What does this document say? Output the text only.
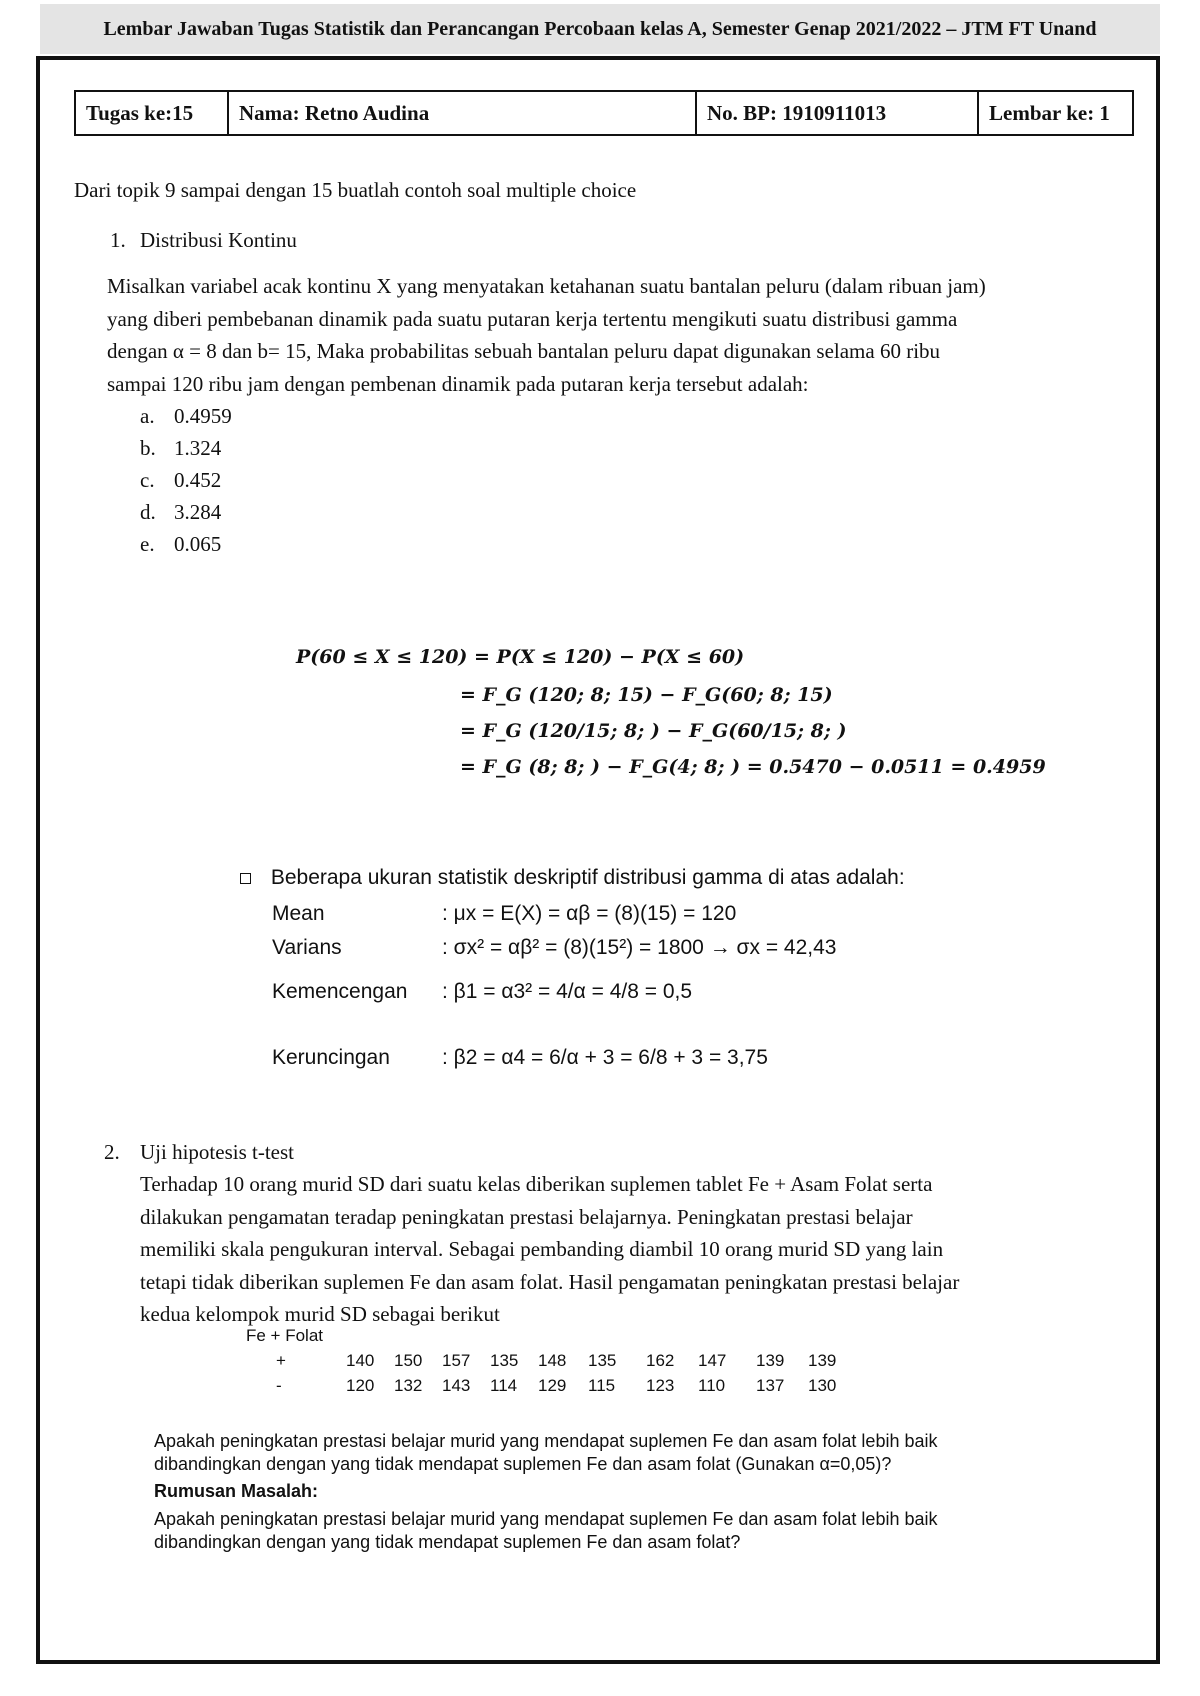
Lembar Jawaban Tugas Statistik dan Perancangan Percobaan kelas A, Semester Genap 2021/2022 – JTM FT Unand
Tugas ke:15	Nama: Retno Audina	No. BP: 1910911013	Lembar ke: 1
Dari topik 9 sampai dengan 15 buatlah contoh soal multiple choice
1. Distribusi Kontinu
Misalkan variabel acak kontinu X yang menyatakan ketahanan suatu bantalan peluru (dalam ribuan jam)
yang diberi pembebanan dinamik pada suatu putaran kerja tertentu mengikuti suatu distribusi gamma
dengan α = 8 dan b= 15, Maka probabilitas sebuah bantalan peluru dapat digunakan selama 60 ribu
sampai 120 ribu jam dengan pembenan dinamik pada putaran kerja tersebut adalah:
a. 0.4959
b. 1.324
c. 0.452
d. 3.284
e. 0.065
P(60 ≤ X ≤ 120) = P(X ≤ 120) − P(X ≤ 60)
= F_G (120; 8; 15) − F_G(60; 8; 15)
= F_G (120/15; 8; ) − F_G(60/15; 8; )
= F_G (8; 8; ) − F_G(4; 8; ) = 0.5470 − 0.0511 = 0.4959
Beberapa ukuran statistik deskriptif distribusi gamma di atas adalah:
Mean	: μx = E(X) = αβ = (8)(15) = 120
Varians	: σx² = αβ² = (8)(15²) = 1800 → σx = 42,43
Kemencengan : β1 = α3² = 4/α = 4/8 = 0,5
Keruncingan : β2 = α4 = 6/α + 3 = 6/8 + 3 = 3,75
2. Uji hipotesis t-test
Terhadap 10 orang murid SD dari suatu kelas diberikan suplemen tablet Fe + Asam Folat serta
dilakukan pengamatan teradap peningkatan prestasi belajarnya. Peningkatan prestasi belajar
memiliki skala pengukuran interval. Sebagai pembanding diambil 10 orang murid SD yang lain
tetapi tidak diberikan suplemen Fe dan asam folat. Hasil pengamatan peningkatan prestasi belajar
kedua kelompok murid SD sebagai berikut
Fe + Folat
+	140	150	157	135	148	135	162	147	139	139
-	120	132	143	114	129	115	123	110	137	130
Apakah peningkatan prestasi belajar murid yang mendapat suplemen Fe dan asam folat lebih baik
dibandingkan dengan yang tidak mendapat suplemen Fe dan asam folat (Gunakan α=0,05)?
Rumusan Masalah:
Apakah peningkatan prestasi belajar murid yang mendapat suplemen Fe dan asam folat lebih baik
dibandingkan dengan yang tidak mendapat suplemen Fe dan asam folat?
